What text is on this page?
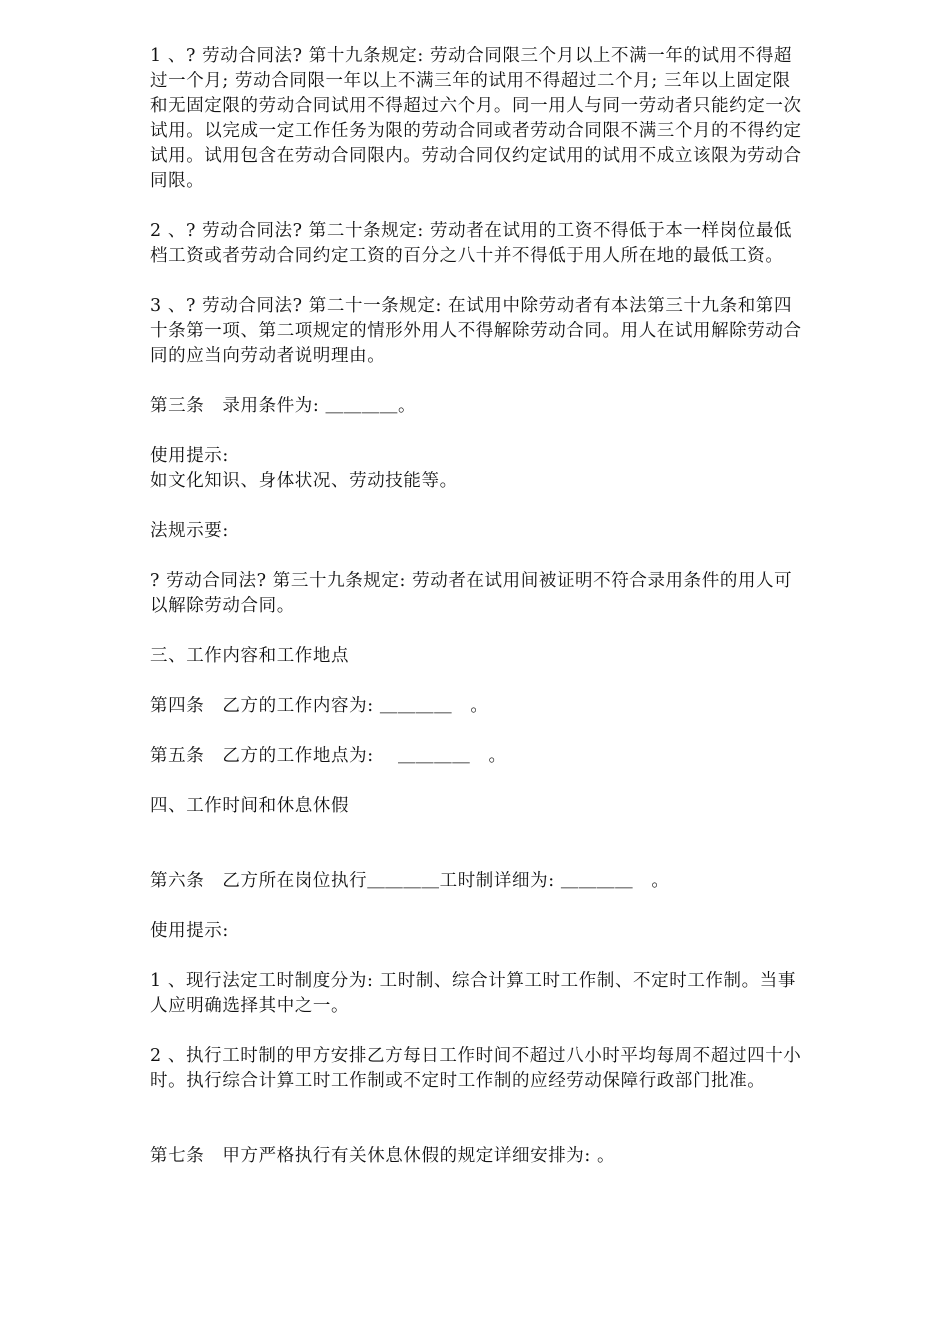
1 、? 劳动合同法? 第十九条规定: 劳动合同限三个月以上不满一年的试用不得超过一个月; 劳动合同限一年以上不满三年的试用不得超过二个月; 三年以上固定限和无固定限的劳动合同试用不得超过六个月。同一用人与同一劳动者只能约定一次试用。以完成一定工作任务为限的劳动合同或者劳动合同限不满三个月的不得约定试用。试用包含在劳动合同限内。劳动合同仅约定试用的试用不成立该限为劳动合同限。

2 、? 劳动合同法? 第二十条规定: 劳动者在试用的工资不得低于本一样岗位最低档工资或者劳动合同约定工资的百分之八十并不得低于用人所在地的最低工资。

3 、? 劳动合同法? 第二十一条规定: 在试用中除劳动者有本法第三十九条和第四十条第一项、第二项规定的情形外用人不得解除劳动合同。用人在试用解除劳动合同的应当向劳动者说明理由。

第三条　录用条件为: ＿＿＿＿。

使用提示:

如文化知识、身体状况、劳动技能等。

法规示要:

? 劳动合同法? 第三十九条规定: 劳动者在试用间被证明不符合录用条件的用人可以解除劳动合同。

三、工作内容和工作地点

第四条　乙方的工作内容为: ＿＿＿＿　。

第五条　乙方的工作地点为:　 ＿＿＿＿　。

四、工作时间和休息休假

第六条　乙方所在岗位执行＿＿＿＿工时制详细为: ＿＿＿＿　。

使用提示:

1 、现行法定工时制度分为: 工时制、综合计算工时工作制、不定时工作制。当事人应明确选择其中之一。

2 、执行工时制的甲方安排乙方每日工作时间不超过八小时平均每周不超过四十小时。执行综合计算工时工作制或不定时工作制的应经劳动保障行政部门批准。

第七条　甲方严格执行有关休息休假的规定详细安排为: 。
